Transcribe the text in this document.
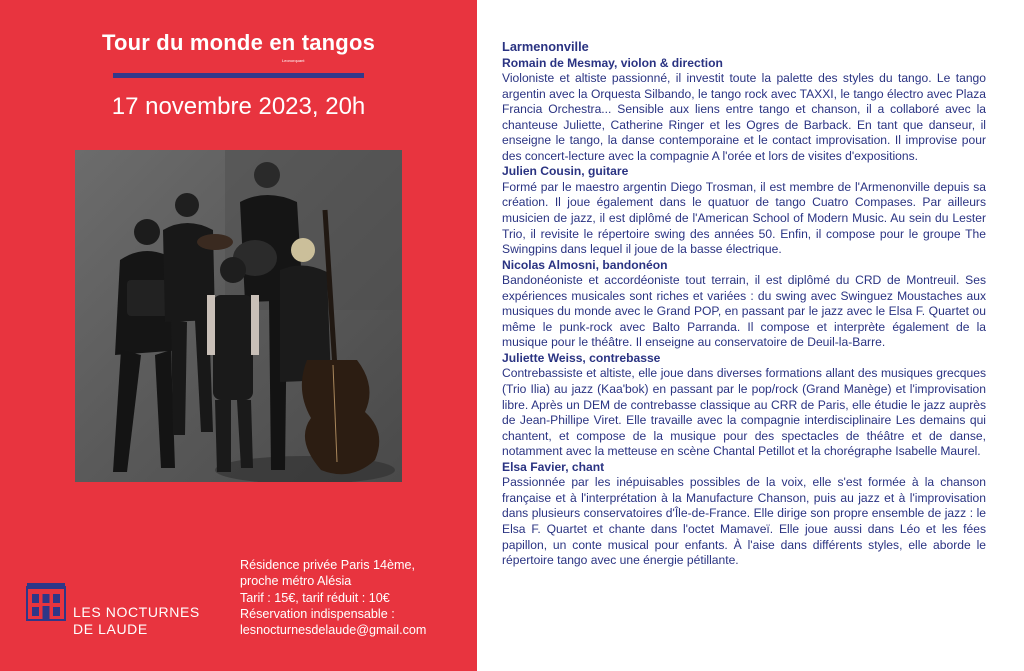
Tour du monde en tangos
Leonorquant
17 novembre 2023, 20h
LES NOCTURNES
DE LAUDE
Résidence privée Paris 14ème,
proche métro Alésia
Tarif : 15€, tarif réduit : 10€
Réservation indispensable :
lesnocturnesdelaude@gmail.com
Larmenonville
Romain de Mesmay, violon & direction

Violoniste et altiste passionné, il investit toute la palette des styles du tango. Le tango argentin avec la Orquesta Silbando, le tango rock avec TAXXI, le tango électro avec Plaza Francia Orchestra... Sensible aux liens entre tango et chanson, il a collaboré avec la chanteuse Juliette, Catherine Ringer et les Ogres de Barback. En tant que danseur, il enseigne le tango, la danse contemporaine et le contact improvisation. Il improvise pour des concert-lecture avec la compagnie A l'orée et lors de visites d'expositions.

Julien Cousin, guitare

Formé par le maestro argentin Diego Trosman, il est membre de l'Armenonville depuis sa création. Il joue également dans le quatuor de tango Cuatro Compases. Par ailleurs musicien de jazz, il est diplômé de l'American School of Modern Music. Au sein du Lester Trio, il revisite le répertoire swing des années 50. Enfin, il compose pour le groupe The Swingpins dans lequel il joue de la basse électrique.

Nicolas Almosni, bandonéon

Bandonéoniste et accordéoniste tout terrain, il est diplômé du CRD de Montreuil. Ses expériences musicales sont riches et variées : du swing avec Swinguez Moustaches aux musiques du monde avec le Grand POP, en passant par le jazz avec le Elsa F. Quartet ou même le punk-rock avec Balto Parranda. Il compose et interprète également de la musique pour le théâtre. Il enseigne au conservatoire de Deuil-la-Barre.

Juliette Weiss, contrebasse

Contrebassiste et altiste, elle joue dans diverses formations allant des musiques grecques (Trio Ilia) au jazz (Kaa'bok) en passant par le pop/rock (Grand Manège) et l'improvisation libre. Après un DEM de contrebasse classique au CRR de Paris, elle étudie le jazz auprès de Jean-Phillipe Viret. Elle travaille avec la compagnie interdisciplinaire Les demains qui chantent, et compose de la musique pour des spectacles de théâtre et de danse, notamment avec la metteuse en scène Chantal Petillot et la chorégraphe Isabelle Maurel.

Elsa Favier, chant

Passionnée par les inépuisables possibles de la voix, elle s'est formée à la chanson française et à l'interprétation à la Manufacture Chanson, puis au jazz et à l'improvisation dans plusieurs conservatoires d'Île-de-France. Elle dirige son propre ensemble de jazz : le Elsa F. Quartet et chante dans l'octet Mamaveï. Elle joue aussi dans Léo et les fées papillon, un conte musical pour enfants. À l'aise dans différents styles, elle aborde le répertoire tango avec une énergie pétillante.
